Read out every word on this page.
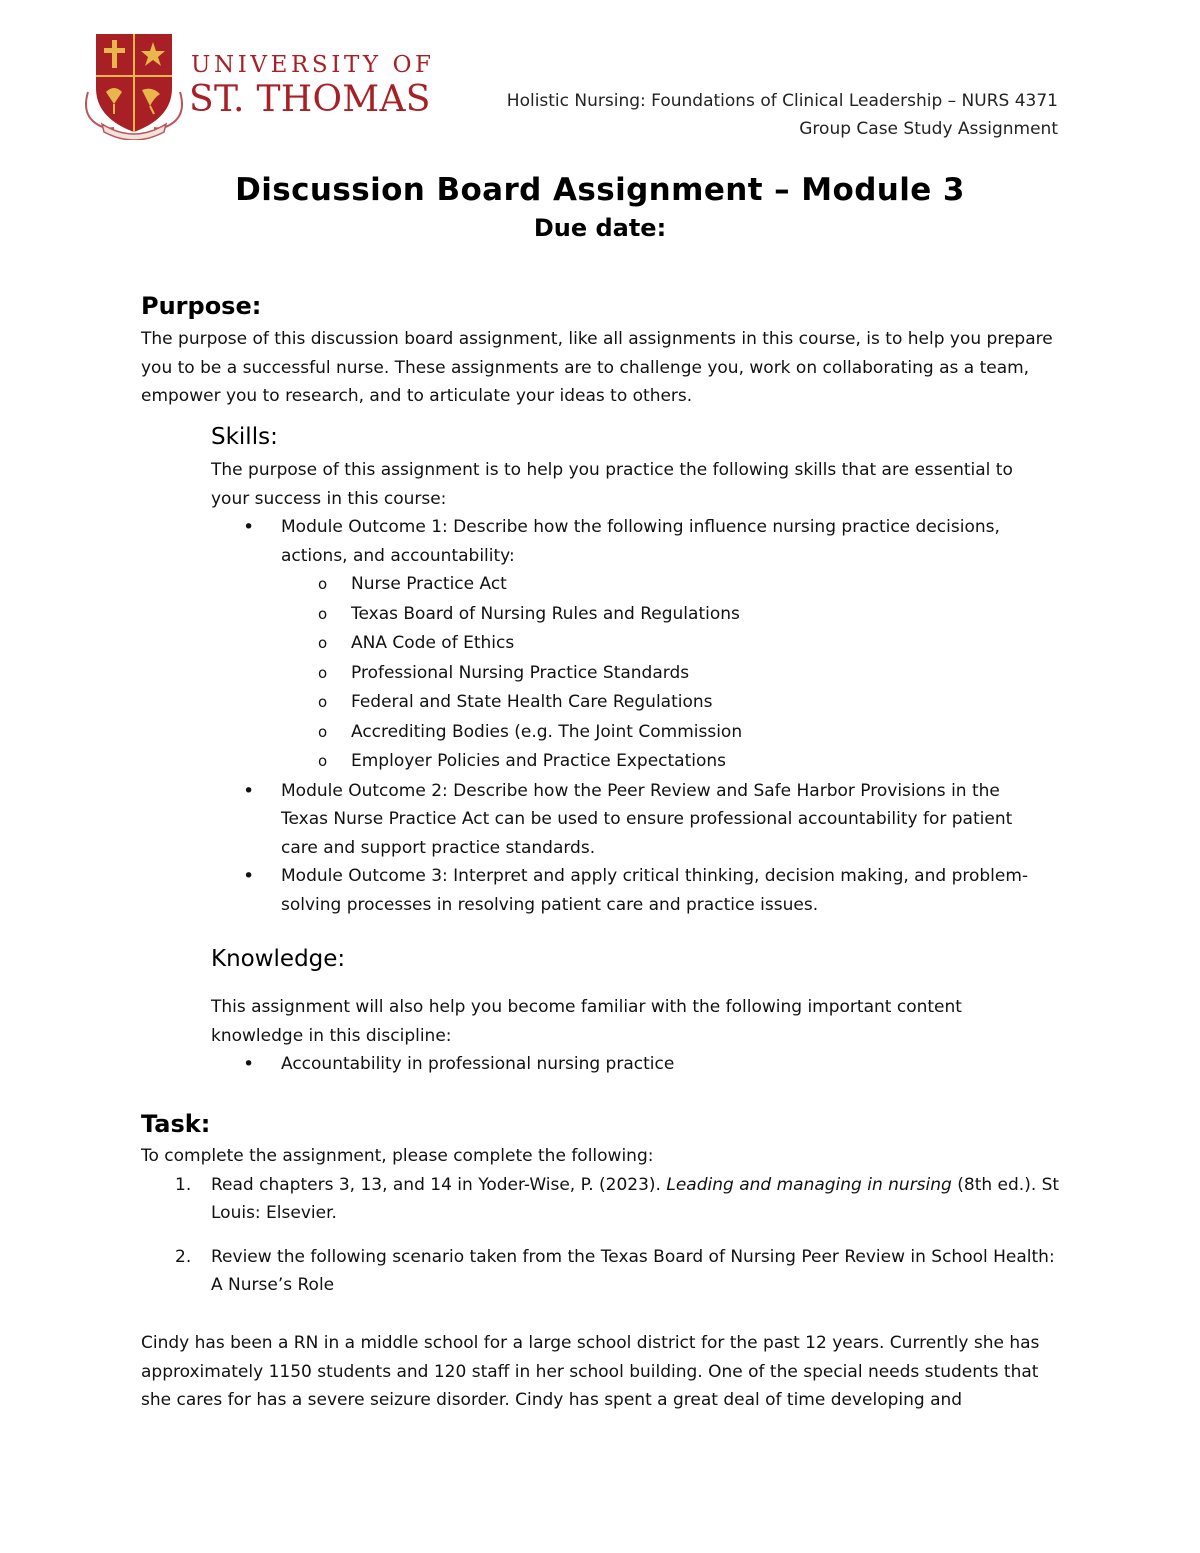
UNIVERSITY OF
ST. THOMAS	Holistic Nursing: Foundations of Clinical Leadership – NURS 4371
Group Case Study Assignment
Discussion Board Assignment – Module 3
Due date:
Purpose:
The purpose of this discussion board assignment, like all assignments in this course, is to help you prepare you to be a successful nurse. These assignments are to challenge you, work on collaborating as a team, empower you to research, and to articulate your ideas to others.
Skills:
The purpose of this assignment is to help you practice the following skills that are essential to your success in this course:
• Module Outcome 1: Describe how the following influence nursing practice decisions, actions, and accountability:
o Nurse Practice Act
o Texas Board of Nursing Rules and Regulations
o ANA Code of Ethics
o Professional Nursing Practice Standards
o Federal and State Health Care Regulations
o Accrediting Bodies (e.g. The Joint Commission
o Employer Policies and Practice Expectations
• Module Outcome 2: Describe how the Peer Review and Safe Harbor Provisions in the Texas Nurse Practice Act can be used to ensure professional accountability for patient care and support practice standards.
• Module Outcome 3: Interpret and apply critical thinking, decision making, and problem-solving processes in resolving patient care and practice issues.
Knowledge:
This assignment will also help you become familiar with the following important content knowledge in this discipline:
• Accountability in professional nursing practice
Task:
To complete the assignment, please complete the following:
1. Read chapters 3, 13, and 14 in Yoder-Wise, P. (2023). Leading and managing in nursing (8th ed.). St Louis: Elsevier.
2. Review the following scenario taken from the Texas Board of Nursing Peer Review in School Health: A Nurse’s Role
Cindy has been a RN in a middle school for a large school district for the past 12 years. Currently she has approximately 1150 students and 120 staff in her school building. One of the special needs students that she cares for has a severe seizure disorder. Cindy has spent a great deal of time developing and
